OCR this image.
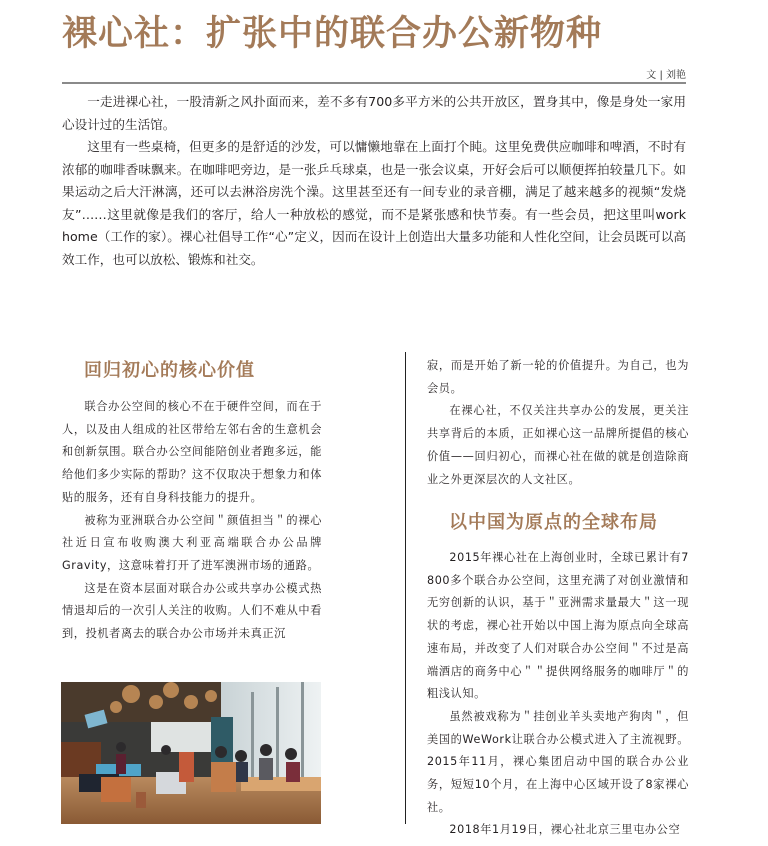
裸心社：扩张中的联合办公新物种
文 | 刘艳

一走进裸心社，一股清新之风扑面而来，差不多有700多平方米的公共开放区，置身其中，像是身处一家用心设计过的生活馆。

这里有一些桌椅，但更多的是舒适的沙发，可以慵懒地靠在上面打个盹。这里免费供应咖啡和啤酒，不时有浓郁的咖啡香味飘来。在咖啡吧旁边，是一张乒乓球桌，也是一张会议桌，开好会后可以顺便挥拍较量几下。如果运动之后大汗淋漓，还可以去淋浴房洗个澡。这里甚至还有一间专业的录音棚，满足了越来越多的视频“发烧友”……这里就像是我们的客厅，给人一种放松的感觉，而不是紧张感和快节奏。有一些会员，把这里叫work home（工作的家）。裸心社倡导工作“心”定义，因而在设计上创造出大量多功能和人性化空间，让会员既可以高效工作，也可以放松、锻炼和社交。

回归初心的核心价值

联合办公空间的核心不在于硬件空间，而在于人，以及由人组成的社区带给左邻右舍的生意机会和创新氛围。联合办公空间能陪创业者跑多远，能给他们多少实际的帮助？这不仅取决于想象力和体贴的服务，还有自身科技能力的提升。

被称为亚洲联合办公空间＂颜值担当＂的裸心社近日宣布收购澳大利亚高端联合办公品牌Gravity，这意味着打开了进军澳洲市场的通路。

这是在资本层面对联合办公或共享办公模式热情退却后的一次引人关注的收购。人们不难从中看到，投机者离去的联合办公市场并未真正沉

寂，而是开始了新一轮的价值提升。为自己，也为会员。

在裸心社，不仅关注共享办公的发展，更关注共享背后的本质，正如裸心这一品牌所提倡的核心价值——回归初心，而裸心社在做的就是创造除商业之外更深层次的人文社区。

以中国为原点的全球布局

2015年裸心社在上海创业时，全球已累计有7 800多个联合办公空间，这里充满了对创业激情和无穷创新的认识，基于＂亚洲需求量最大＂这一现状的考虑，裸心社开始以中国上海为原点向全球高速布局，并改变了人们对联合办公空间＂不过是高端酒店的商务中心＂＂提供网络服务的咖啡厅＂的粗浅认知。

虽然被戏称为＂挂创业羊头卖地产狗肉＂，但美国的WeWork让联合办公模式进入了主流视野。2015年11月，裸心集团启动中国的联合办公业务，短短10个月，在上海中心区域开设了8家裸心社。

2018年1月19日，裸心社北京三里屯办公空
